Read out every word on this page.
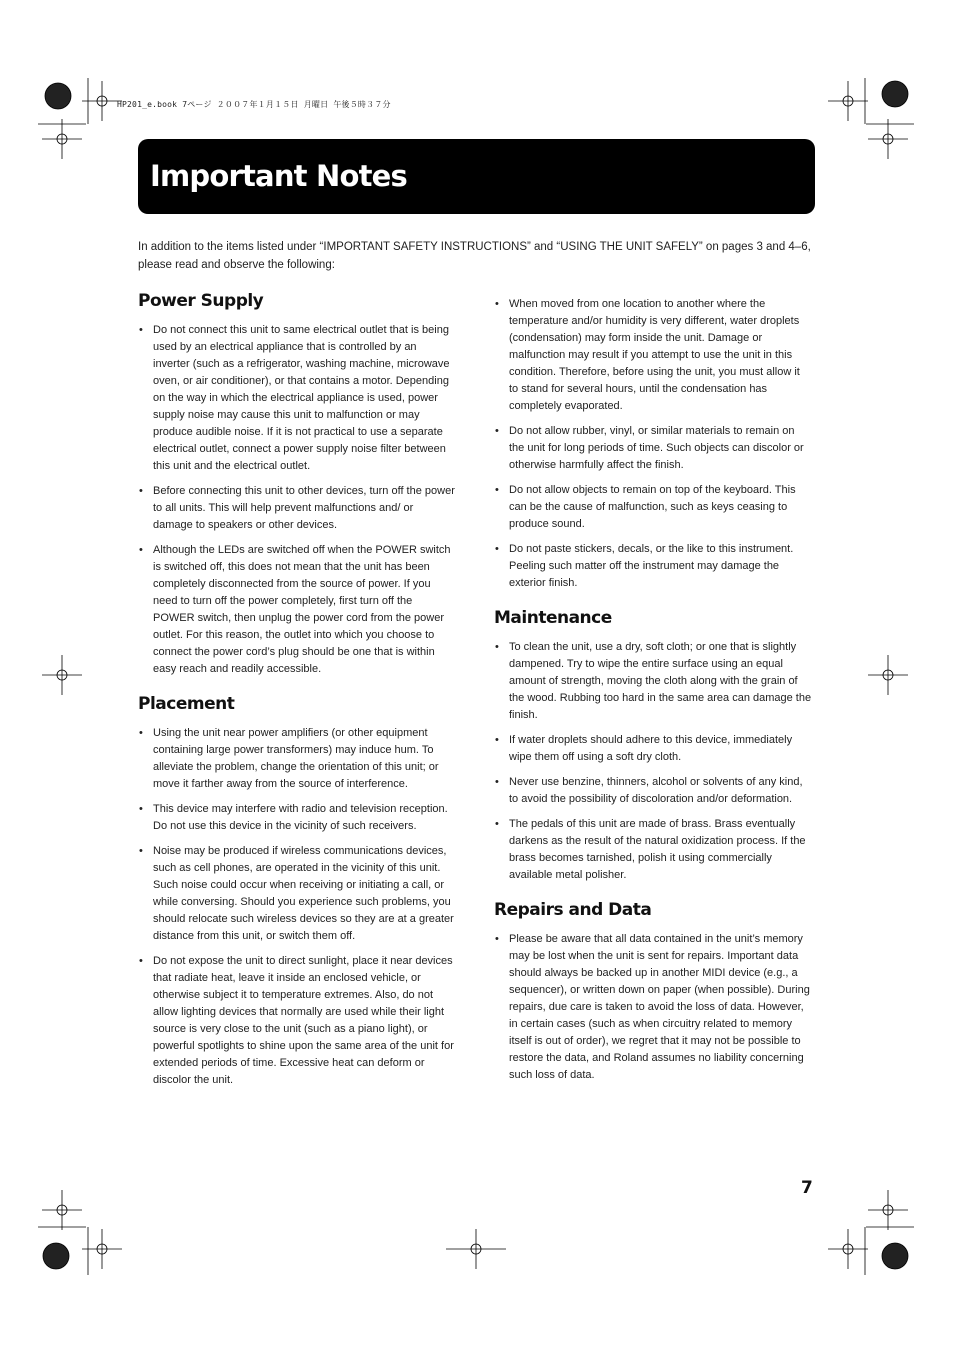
HP201_e.book 7ページ ２００７年１月１５日 月曜日 午後５時３７分
Important Notes

In addition to the items listed under “IMPORTANT SAFETY INSTRUCTIONS” and “USING THE UNIT SAFELY” on pages 3 and 4–6, please read and observe the following:

Power Supply
• Do not connect this unit to same electrical outlet that is being used by an electrical appliance that is controlled by an inverter (such as a refrigerator, washing machine, microwave oven, or air conditioner), or that contains a motor. Depending on the way in which the electrical appliance is used, power supply noise may cause this unit to malfunction or may produce audible noise. If it is not practical to use a separate electrical outlet, connect a power supply noise filter between this unit and the electrical outlet.
• Before connecting this unit to other devices, turn off the power to all units. This will help prevent malfunctions and/ or damage to speakers or other devices.
• Although the LEDs are switched off when the POWER switch is switched off, this does not mean that the unit has been completely disconnected from the source of power. If you need to turn off the power completely, first turn off the POWER switch, then unplug the power cord from the power outlet. For this reason, the outlet into which you choose to connect the power cord’s plug should be one that is within easy reach and readily accessible.
Placement
• Using the unit near power amplifiers (or other equipment containing large power transformers) may induce hum. To alleviate the problem, change the orientation of this unit; or move it farther away from the source of interference.
• This device may interfere with radio and television reception. Do not use this device in the vicinity of such receivers.
• Noise may be produced if wireless communications devices, such as cell phones, are operated in the vicinity of this unit. Such noise could occur when receiving or initiating a call, or while conversing. Should you experience such problems, you should relocate such wireless devices so they are at a greater distance from this unit, or switch them off.
• Do not expose the unit to direct sunlight, place it near devices that radiate heat, leave it inside an enclosed vehicle, or otherwise subject it to temperature extremes. Also, do not allow lighting devices that normally are used while their light source is very close to the unit (such as a piano light), or powerful spotlights to shine upon the same area of the unit for extended periods of time. Excessive heat can deform or discolor the unit.
• When moved from one location to another where the temperature and/or humidity is very different, water droplets (condensation) may form inside the unit. Damage or malfunction may result if you attempt to use the unit in this condition. Therefore, before using the unit, you must allow it to stand for several hours, until the condensation has completely evaporated.
• Do not allow rubber, vinyl, or similar materials to remain on the unit for long periods of time. Such objects can discolor or otherwise harmfully affect the finish.
• Do not allow objects to remain on top of the keyboard. This can be the cause of malfunction, such as keys ceasing to produce sound.
• Do not paste stickers, decals, or the like to this instrument. Peeling such matter off the instrument may damage the exterior finish.
Maintenance
• To clean the unit, use a dry, soft cloth; or one that is slightly dampened. Try to wipe the entire surface using an equal amount of strength, moving the cloth along with the grain of the wood. Rubbing too hard in the same area can damage the finish.
• If water droplets should adhere to this device, immediately wipe them off using a soft dry cloth.
• Never use benzine, thinners, alcohol or solvents of any kind, to avoid the possibility of discoloration and/or deformation.
• The pedals of this unit are made of brass. Brass eventually darkens as the result of the natural oxidization process. If the brass becomes tarnished, polish it using commercially available metal polisher.
Repairs and Data
• Please be aware that all data contained in the unit’s memory may be lost when the unit is sent for repairs. Important data should always be backed up in another MIDI device (e.g., a sequencer), or written down on paper (when possible). During repairs, due care is taken to avoid the loss of data. However, in certain cases (such as when circuitry related to memory itself is out of order), we regret that it may not be possible to restore the data, and Roland assumes no liability concerning such loss of data.
7
